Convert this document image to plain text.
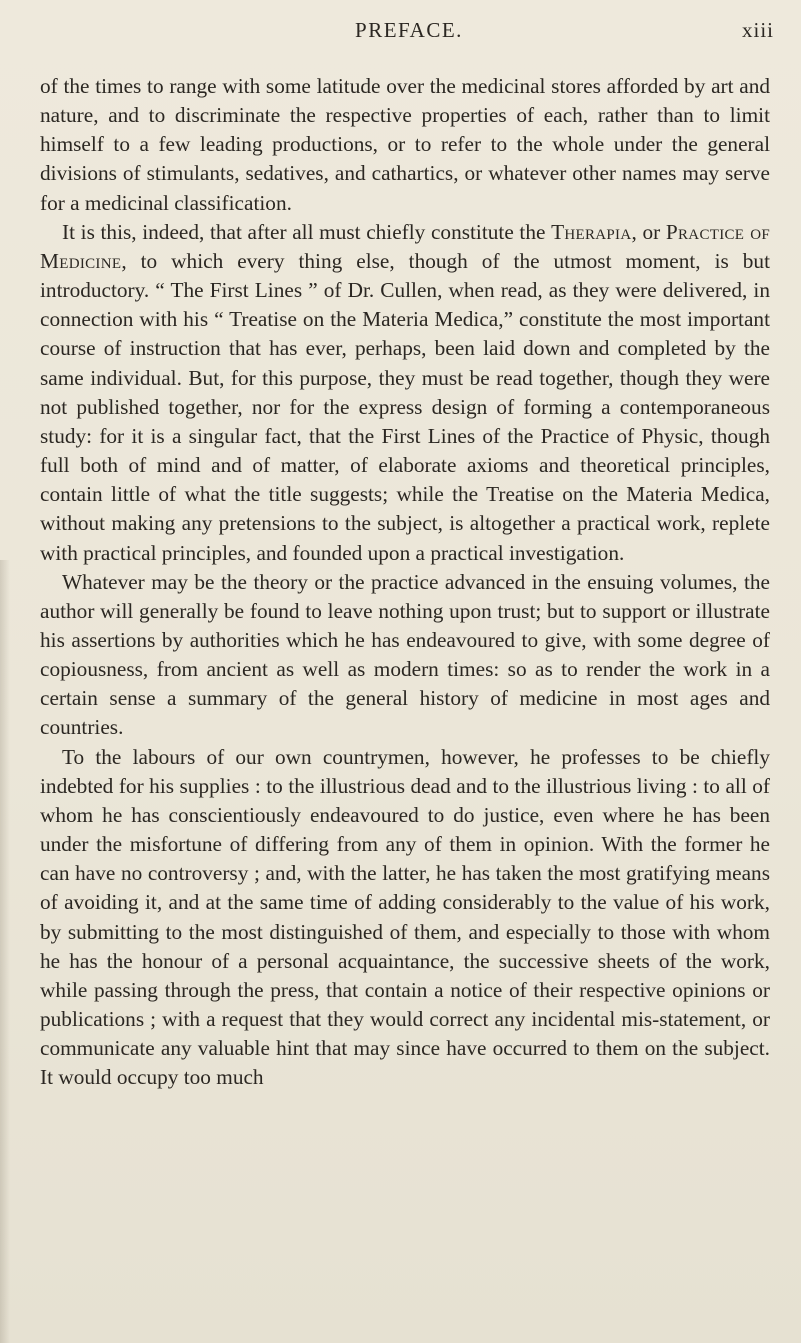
PREFACE.	xiii

of the times to range with some latitude over the medicinal stores afforded by art and nature, and to discriminate the respective properties of each, rather than to limit himself to a few leading productions, or to refer to the whole under the general divisions of stimulants, sedatives, and cathartics, or whatever other names may serve for a medicinal classification.

It is this, indeed, that after all must chiefly constitute the Therapia, or Practice of Medicine, to which every thing else, though of the utmost moment, is but introductory. “ The First Lines ” of Dr. Cullen, when read, as they were delivered, in connection with his “ Treatise on the Materia Medica,” constitute the most important course of instruction that has ever, perhaps, been laid down and completed by the same individual. But, for this purpose, they must be read together, though they were not published together, nor for the express design of forming a contemporaneous study: for it is a singular fact, that the First Lines of the Practice of Physic, though full both of mind and of matter, of elaborate axioms and theoretical principles, contain little of what the title suggests; while the Treatise on the Materia Medica, without making any pretensions to the subject, is altogether a practical work, replete with practical principles, and founded upon a practical investigation.

Whatever may be the theory or the practice advanced in the ensuing volumes, the author will generally be found to leave nothing upon trust; but to support or illustrate his assertions by authorities which he has endeavoured to give, with some degree of copiousness, from ancient as well as modern times: so as to render the work in a certain sense a summary of the general history of medicine in most ages and countries.

To the labours of our own countrymen, however, he professes to be chiefly indebted for his supplies : to the illustrious dead and to the illustrious living : to all of whom he has conscientiously endeavoured to do justice, even where he has been under the misfortune of differing from any of them in opinion. With the former he can have no controversy ; and, with the latter, he has taken the most gratifying means of avoiding it, and at the same time of adding considerably to the value of his work, by submitting to the most distinguished of them, and especially to those with whom he has the honour of a personal acquaintance, the successive sheets of the work, while passing through the press, that contain a notice of their respective opinions or publications ; with a request that they would correct any incidental mis-statement, or communicate any valuable hint that may since have occurred to them on the subject. It would occupy too much
